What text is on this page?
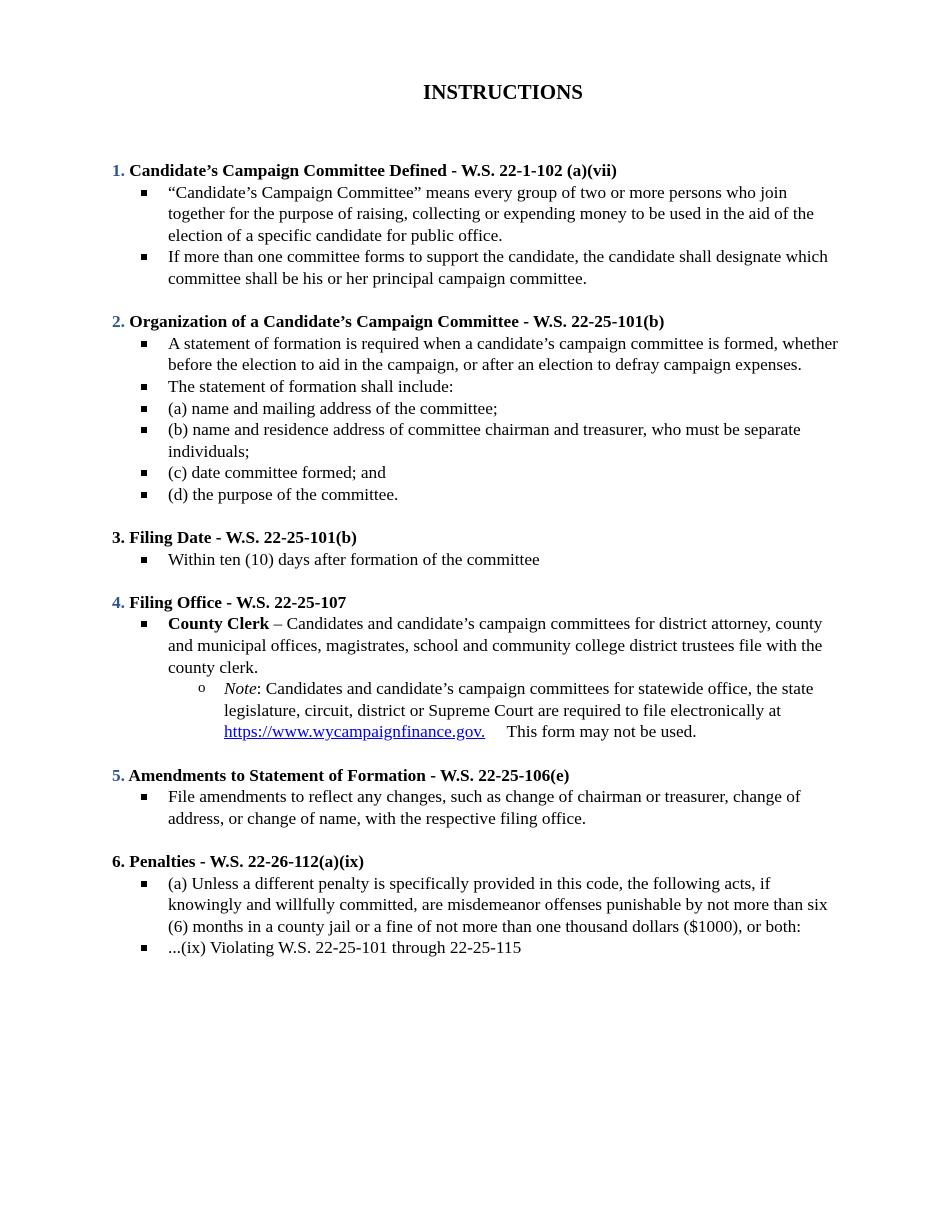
INSTRUCTIONS

1. Candidate’s Campaign Committee Defined - W.S. 22-1-102 (a)(vii)

“Candidate’s Campaign Committee” means every group of two or more persons who join together for the purpose of raising, collecting or expending money to be used in the aid of the election of a specific candidate for public office.
If more than one committee forms to support the candidate, the candidate shall designate which committee shall be his or her principal campaign committee.

2. Organization of a Candidate’s Campaign Committee - W.S. 22-25-101(b)

A statement of formation is required when a candidate’s campaign committee is formed, whether before the election to aid in the campaign, or after an election to defray campaign expenses.
The statement of formation shall include:
(a) name and mailing address of the committee;
(b) name and residence address of committee chairman and treasurer, who must be separate individuals;
(c) date committee formed; and
(d) the purpose of the committee.

3. Filing Date - W.S. 22-25-101(b)

Within ten (10) days after formation of the committee

4. Filing Office - W.S. 22-25-107

County Clerk – Candidates and candidate’s campaign committees for district attorney, county and municipal offices, magistrates, school and community college district trustees file with the county clerk.
o Note: Candidates and candidate’s campaign committees for statewide office, the state legislature, circuit, district or Supreme Court are required to file electronically at https://www.wycampaignfinance.gov.     This form may not be used.

5. Amendments to Statement of Formation - W.S. 22-25-106(e)

File amendments to reflect any changes, such as change of chairman or treasurer, change of address, or change of name, with the respective filing office.

6. Penalties - W.S. 22-26-112(a)(ix)

(a) Unless a different penalty is specifically provided in this code, the following acts, if knowingly and willfully committed, are misdemeanor offenses punishable by not more than six (6) months in a county jail or a fine of not more than one thousand dollars ($1000), or both:
...(ix) Violating W.S. 22-25-101 through 22-25-115
